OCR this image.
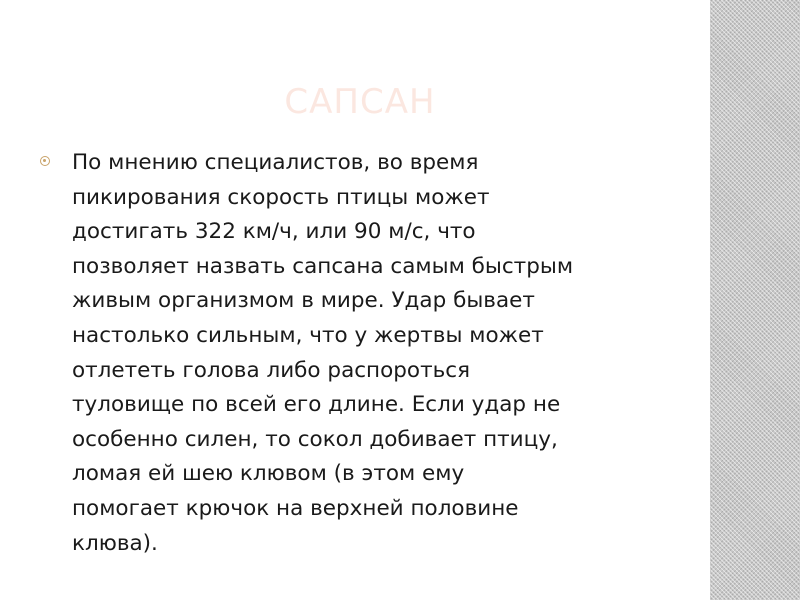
САПСАН

По мнению специалистов, во время
пикирования скорость птицы может
достигать 322 км/ч, или 90 м/с, что
позволяет назвать сапсана самым быстрым
живым организмом в мире. Удар бывает
настолько сильным, что у жертвы может
отлететь голова либо распороться
туловище по всей его длине. Если удар не
особенно силен, то сокол добивает птицу,
ломая ей шею клювом (в этом ему
помогает крючок на верхней половине
клюва).
